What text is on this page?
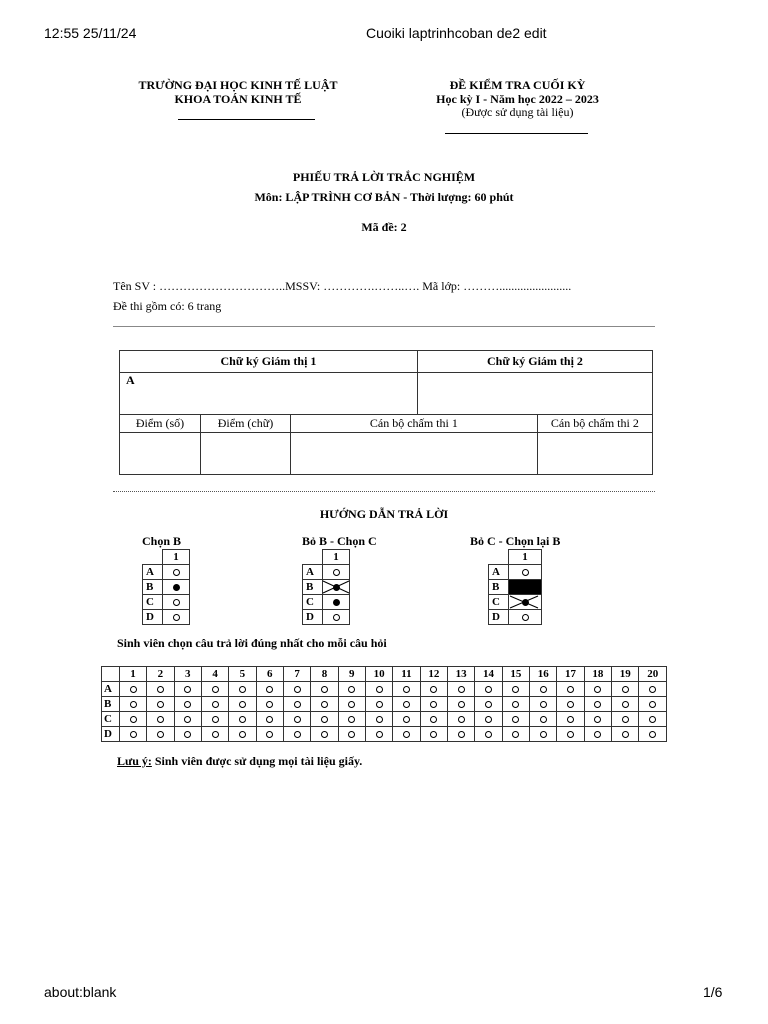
12:55 25/11/24	Cuoiki laptrinhcoban de2 edit
about:blank	1/6
TRƯỜNG ĐẠI HỌC KINH TẾ LUẬT
KHOA TOÁN KINH TẾ
ĐỀ KIỂM TRA CUỐI KỲ
Học kỳ I - Năm học 2022 – 2023
(Được sử dụng tài liệu)
PHIẾU TRẢ LỜI TRẮC NGHIỆM
Môn: LẬP TRÌNH CƠ BẢN - Thời lượng: 60 phút
Mã đề: 2
Tên SV : …………………………..MSSV: ………….……..…. Mã lớp: ………........................
Đề thi gồm có: 6 trang
Chữ ký Giám thị 1			Chữ ký Giám thị 2	
A				
Điểm (số)	Điểm (chữ)	Cán bộ chấm thi 1		Cán bộ chấm thi 2

HƯỚNG DẪN TRẢ LỜI
Chọn B
	1
A	
B	
C	
D	
Bỏ B - Chọn C
	1
A	
B	

C	
D	
Bỏ C - Chọn lại B
	1
A	
B	
C	

D	
Sinh viên chọn câu trả lời đúng nhất cho mỗi câu hỏi
	1	2	3	4	5	6	7	8	9	10	11	12	13	14	15	16	17	18	19	20
A																				
B																				
C																				
D																				
Lưu ý: Sinh viên được sử dụng mọi tài liệu giấy.
